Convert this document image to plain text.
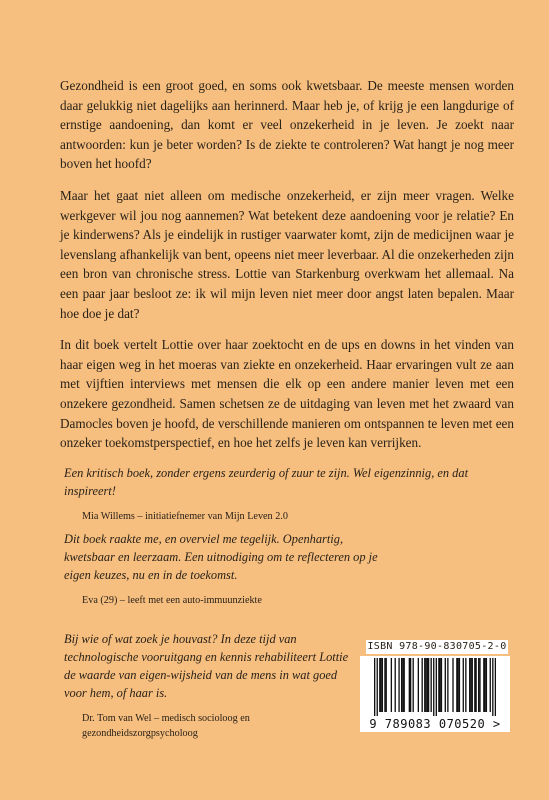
Gezondheid is een groot goed, en soms ook kwetsbaar. De meeste mensen worden daar gelukkig niet dagelijks aan herinnerd. Maar heb je, of krijg je een langdurige of ernstige aandoening, dan komt er veel onzekerheid in je leven. Je zoekt naar antwoorden: kun je beter worden? Is de ziekte te controleren? Wat hangt je nog meer boven het hoofd?

Maar het gaat niet alleen om medische onzekerheid, er zijn meer vragen. Welke werkgever wil jou nog aannemen? Wat betekent deze aandoening voor je relatie? En je kinderwens? Als je eindelijk in rustiger vaarwater komt, zijn de medicijnen waar je levenslang afhankelijk van bent, opeens niet meer leverbaar. Al die onzekerheden zijn een bron van chronische stress. Lottie van Starkenburg overkwam het allemaal. Na een paar jaar besloot ze: ik wil mijn leven niet meer door angst laten bepalen. Maar hoe doe je dat?

In dit boek vertelt Lottie over haar zoektocht en de ups en downs in het vinden van haar eigen weg in het moeras van ziekte en onzekerheid. Haar ervaringen vult ze aan met vijftien interviews met mensen die elk op een andere manier leven met een onzekere gezondheid. Samen schetsen ze de uitdaging van leven met het zwaard van Damocles boven je hoofd, de verschillende manieren om ontspannen te leven met een onzeker toekomstperspectief, en hoe het zelfs je leven kan verrijken.

Een kritisch boek, zonder ergens zeurderig of zuur te zijn. Wel eigenzinnig, en dat inspireert!

Mia Willems – initiatiefnemer van Mijn Leven 2.0

Dit boek raakte me, en overviel me tegelijk. Openhartig, kwetsbaar en leerzaam. Een uitnodiging om te reflecteren op je eigen keuzes, nu en in de toekomst.

Eva (29) – leeft met een auto-immuunziekte

Bij wie of wat zoek je houvast? In deze tijd van technologische vooruitgang en kennis rehabiliteert Lottie de waarde van eigen-wijsheid van de mens in wat goed voor hem, of haar is.

Dr. Tom van Wel – medisch socioloog en gezondheidszorgpsycholoog

ISBN 978-90-830705-2-0
9 789083 070520 >
